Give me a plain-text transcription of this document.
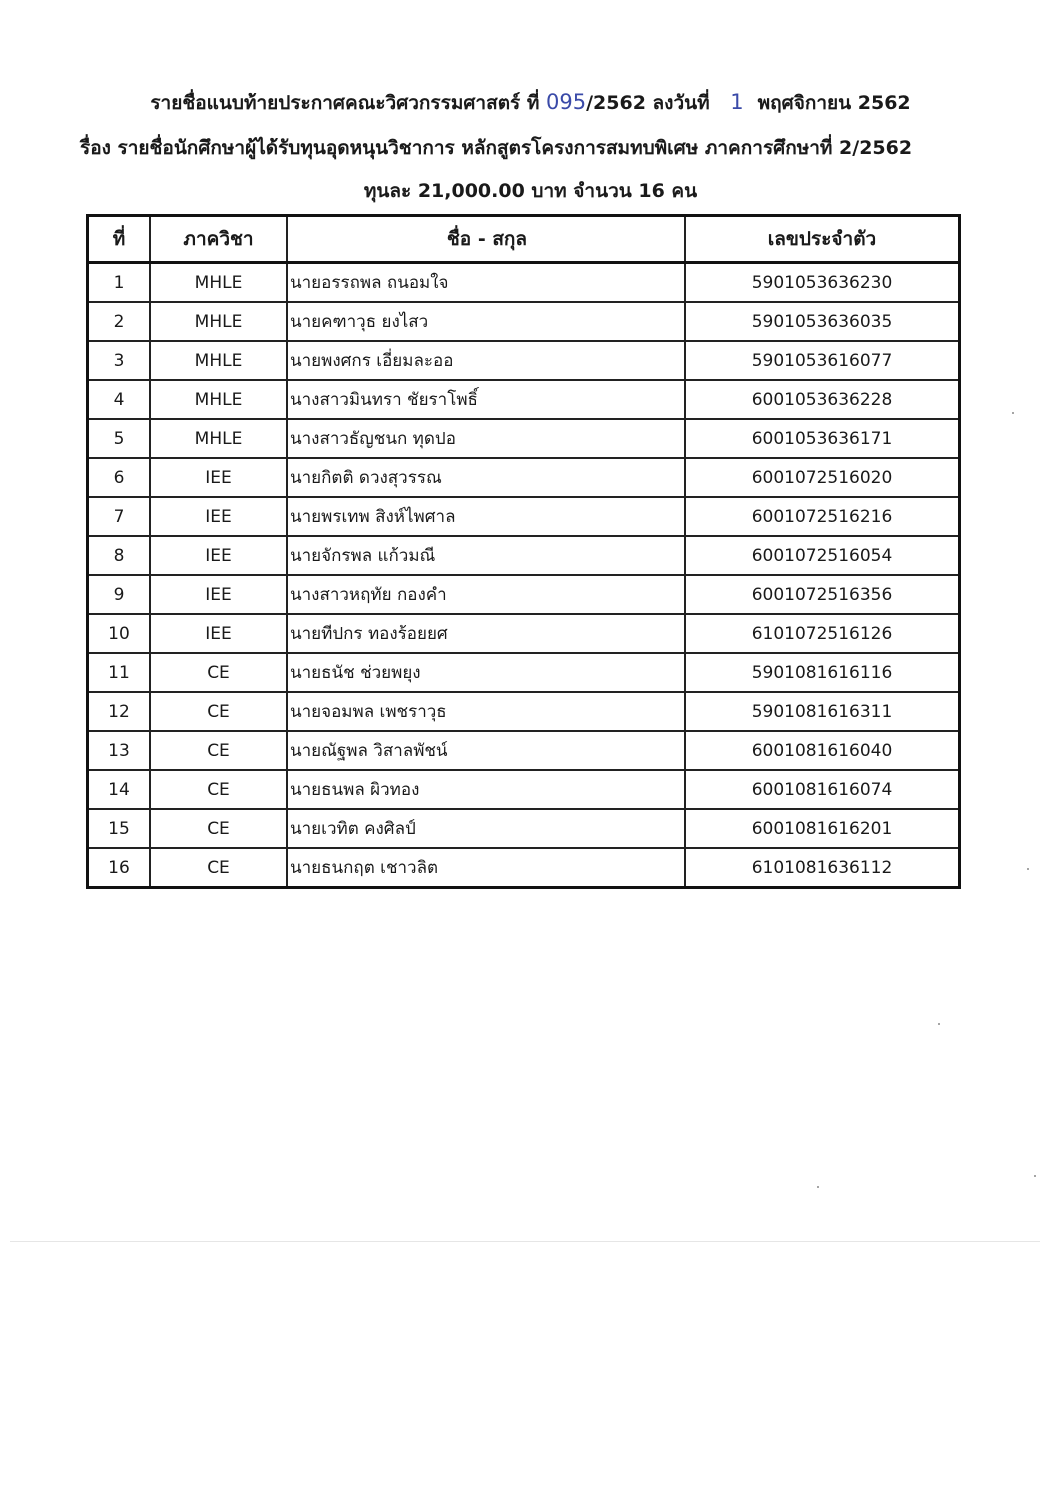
รายชื่อแนบท้ายประกาศคณะวิศวกรรมศาสตร์ ที่ 095/2562 ลงวันที่ 1 พฤศจิกายน 2562
รื่อง รายชื่อนักศึกษาผู้ได้รับทุนอุดหนุนวิชาการ หลักสูตรโครงการสมทบพิเศษ ภาคการศึกษาที่ 2/2562
ทุนละ 21,000.00 บาท จำนวน 16 คน
ที่	ภาควิชา	ชื่อ - สกุล	เลขประจำตัว
1	MHLE	นายอรรถพล ถนอมใจ	5901053636230
2	MHLE	นายคฑาวุธ ยงไสว	5901053636035
3	MHLE	นายพงศกร เอี่ยมละออ	5901053616077
4	MHLE	นางสาวมินทรา ชัยราโพธิ์	6001053636228
5	MHLE	นางสาวธัญชนก ทุดปอ	6001053636171
6	IEE	นายกิตติ ดวงสุวรรณ	6001072516020
7	IEE	นายพรเทพ สิงห์ไพศาล	6001072516216
8	IEE	นายจักรพล แก้วมณี	6001072516054
9	IEE	นางสาวหฤทัย กองคำ	6001072516356
10	IEE	นายทีปกร ทองร้อยยศ	6101072516126
11	CE	นายธนัช ช่วยพยุง	5901081616116
12	CE	นายจอมพล เพชราวุธ	5901081616311
13	CE	นายณัฐพล วิสาลพัชน์	6001081616040
14	CE	นายธนพล ผิวทอง	6001081616074
15	CE	นายเวทิต คงศิลป์	6001081616201
16	CE	นายธนกฤต เชาวลิต	6101081636112
